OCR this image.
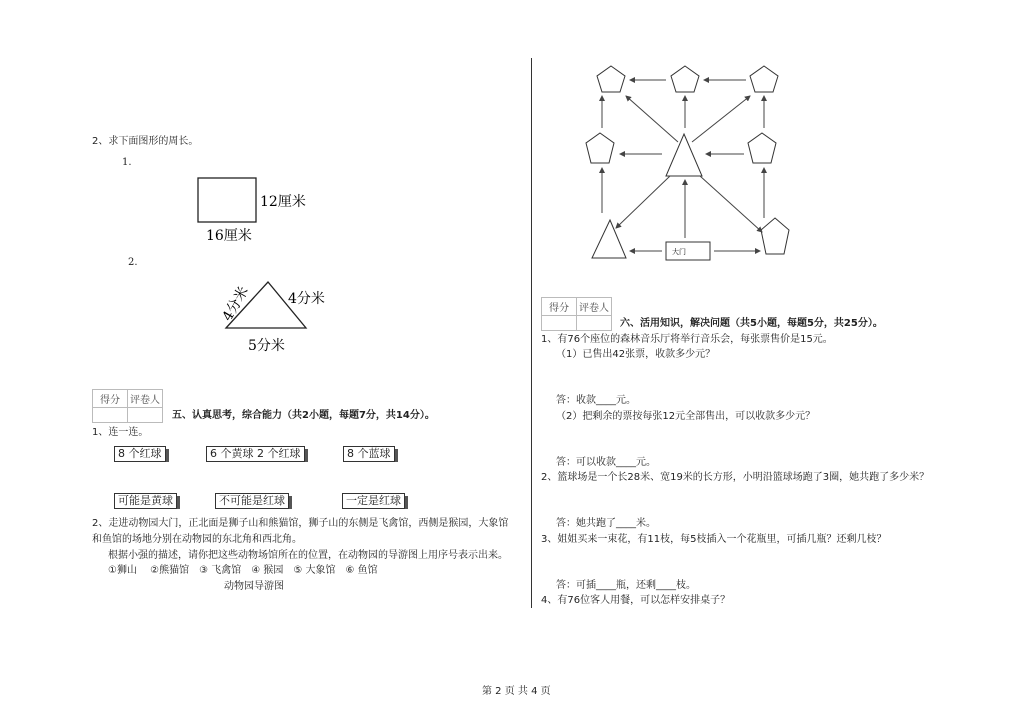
2、求下面图形的周长。
1.
12厘米
16厘米
2.
4分米	4分米
5分米
得分	评卷人

五、认真思考，综合能力（共2小题，每题7分，共14分）。
1、连一连。
8 个红球	6 个黄球 2 个红球	8 个蓝球
可能是黄球	不可能是红球	一定是红球
2、走进动物园大门，正北面是狮子山和熊猫馆，狮子山的东侧是飞禽馆，西侧是猴园，大象馆
和鱼馆的场地分别在动物园的东北角和西北角。
根据小强的描述，请你把这些动物场馆所在的位置，在动物园的导游图上用序号表示出来。
①狮山　 ②熊猫馆　③ 飞禽馆　④ 猴园　⑤ 大象馆　⑥ 鱼馆
动物园导游图
大门
得分	评卷人

六、活用知识，解决问题（共5小题，每题5分，共25分）。
1、有76个座位的森林音乐厅将举行音乐会，每张票售价是15元。
（1）已售出42张票，收款多少元？
答：收款____元。
（2）把剩余的票按每张12元全部售出，可以收款多少元？
答：可以收款____元。
2、篮球场是一个长28米、宽19米的长方形，小明沿篮球场跑了3圈，她共跑了多少米？
答：她共跑了____米。
3、姐姐买来一束花，有11枝，每5枝插入一个花瓶里，可插几瓶？还剩几枝？
答：可插____瓶，还剩____枝。
4、有76位客人用餐，可以怎样安排桌子？
第 2 页 共 4 页
